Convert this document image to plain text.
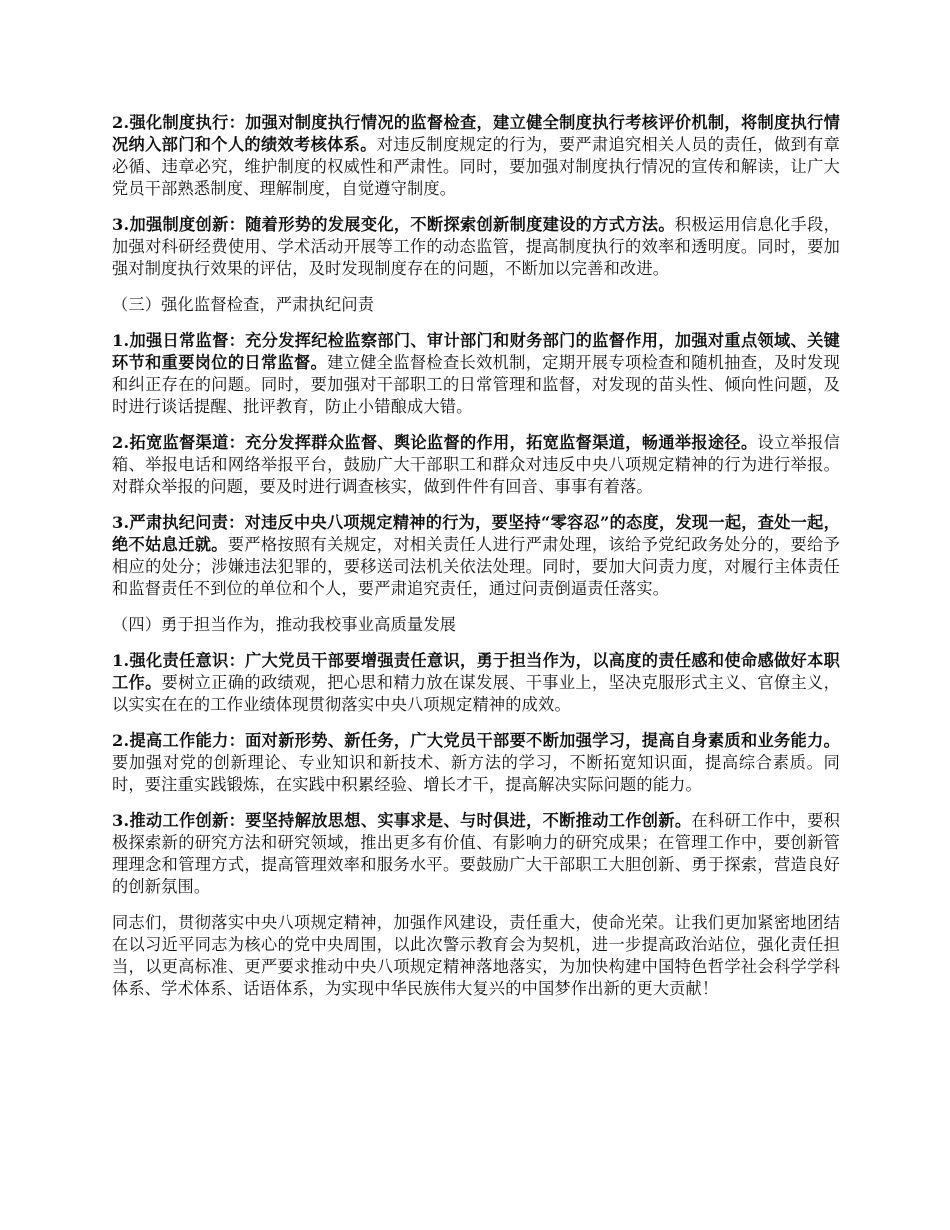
2.强化制度执行：加强对制度执行情况的监督检查，建立健全制度执行考核评价机制，将制度执行情况纳入部门和个人的绩效考核体系。对违反制度规定的行为，要严肃追究相关人员的责任，做到有章必循、违章必究，维护制度的权威性和严肃性。同时，要加强对制度执行情况的宣传和解读，让广大党员干部熟悉制度、理解制度，自觉遵守制度。

3.加强制度创新：随着形势的发展变化，不断探索创新制度建设的方式方法。积极运用信息化手段，加强对科研经费使用、学术活动开展等工作的动态监管，提高制度执行的效率和透明度。同时，要加强对制度执行效果的评估，及时发现制度存在的问题，不断加以完善和改进。

（三）强化监督检查，严肃执纪问责

1.加强日常监督：充分发挥纪检监察部门、审计部门和财务部门的监督作用，加强对重点领域、关键环节和重要岗位的日常监督。建立健全监督检查长效机制，定期开展专项检查和随机抽查，及时发现和纠正存在的问题。同时，要加强对干部职工的日常管理和监督，对发现的苗头性、倾向性问题，及时进行谈话提醒、批评教育，防止小错酿成大错。

2.拓宽监督渠道：充分发挥群众监督、舆论监督的作用，拓宽监督渠道，畅通举报途径。设立举报信箱、举报电话和网络举报平台，鼓励广大干部职工和群众对违反中央八项规定精神的行为进行举报。对群众举报的问题，要及时进行调查核实，做到件件有回音、事事有着落。

3.严肃执纪问责：对违反中央八项规定精神的行为，要坚持“零容忍”的态度，发现一起，查处一起，绝不姑息迁就。要严格按照有关规定，对相关责任人进行严肃处理，该给予党纪政务处分的，要给予相应的处分；涉嫌违法犯罪的，要移送司法机关依法处理。同时，要加大问责力度，对履行主体责任和监督责任不到位的单位和个人，要严肃追究责任，通过问责倒逼责任落实。

（四）勇于担当作为，推动我校事业高质量发展

1.强化责任意识：广大党员干部要增强责任意识，勇于担当作为，以高度的责任感和使命感做好本职工作。要树立正确的政绩观，把心思和精力放在谋发展、干事业上，坚决克服形式主义、官僚主义，以实实在在的工作业绩体现贯彻落实中央八项规定精神的成效。

2.提高工作能力：面对新形势、新任务，广大党员干部要不断加强学习，提高自身素质和业务能力。要加强对党的创新理论、专业知识和新技术、新方法的学习，不断拓宽知识面，提高综合素质。同时，要注重实践锻炼，在实践中积累经验、增长才干，提高解决实际问题的能力。

3.推动工作创新：要坚持解放思想、实事求是、与时俱进，不断推动工作创新。在科研工作中，要积极探索新的研究方法和研究领域，推出更多有价值、有影响力的研究成果；在管理工作中，要创新管理理念和管理方式，提高管理效率和服务水平。要鼓励广大干部职工大胆创新、勇于探索，营造良好的创新氛围。

同志们，贯彻落实中央八项规定精神，加强作风建设，责任重大，使命光荣。让我们更加紧密地团结在以习近平同志为核心的党中央周围，以此次警示教育会为契机，进一步提高政治站位，强化责任担当，以更高标准、更严要求推动中央八项规定精神落地落实，为加快构建中国特色哲学社会科学学科体系、学术体系、话语体系，为实现中华民族伟大复兴的中国梦作出新的更大贡献！
